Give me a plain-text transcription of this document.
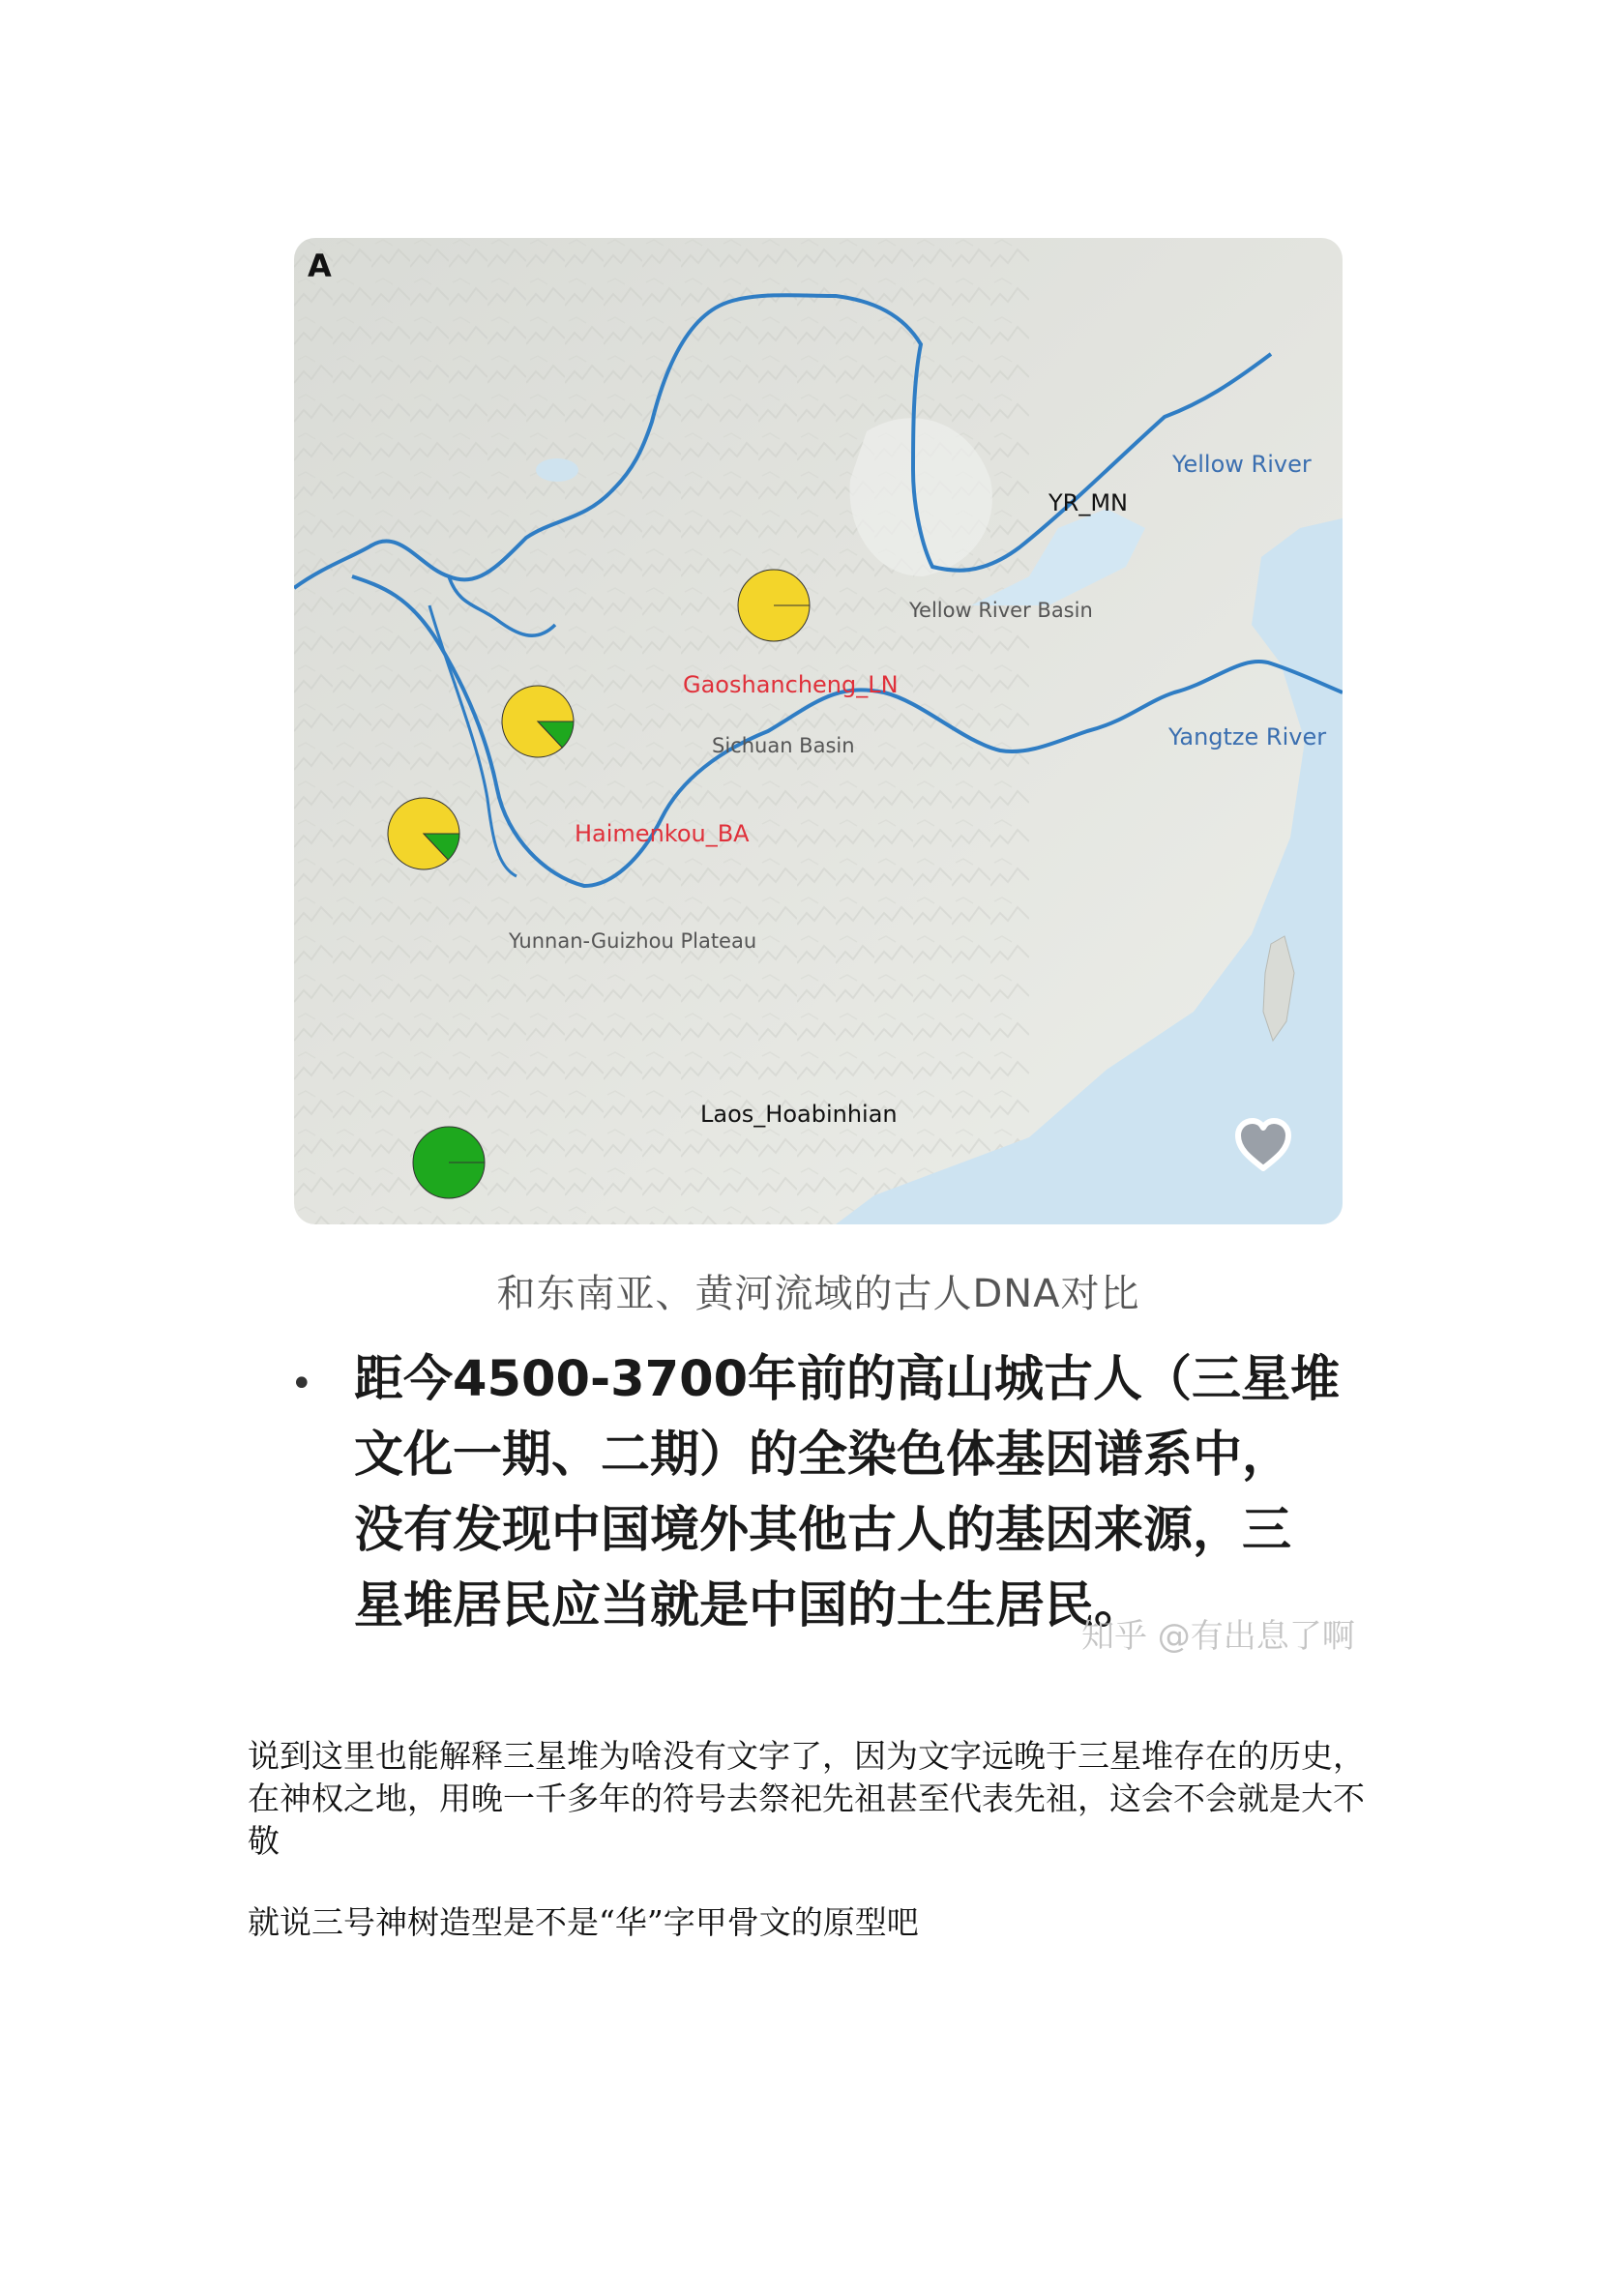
A
Yellow River
Yangtze River
YR_MN
Yellow River Basin
Gaoshancheng_LN
Sichuan Basin
Haimenkou_BA
Yunnan-Guizhou Plateau
Laos_Hoabinhian
和东南亚、黄河流域的古人DNA对比
• 距今4500-3700年前的高山城古人（三星堆
文化一期、二期）的全染色体基因谱系中，
没有发现中国境外其他古人的基因来源，三
星堆居民应当就是中国的土生居民。
知乎 @有出息了啊
说到这里也能解释三星堆为啥没有文字了，因为文字远晚于三星堆存在的历史，在神权之地，用晚一千多年的符号去祭祀先祖甚至代表先祖，这会不会就是大不敬
就说三号神树造型是不是“华”字甲骨文的原型吧
